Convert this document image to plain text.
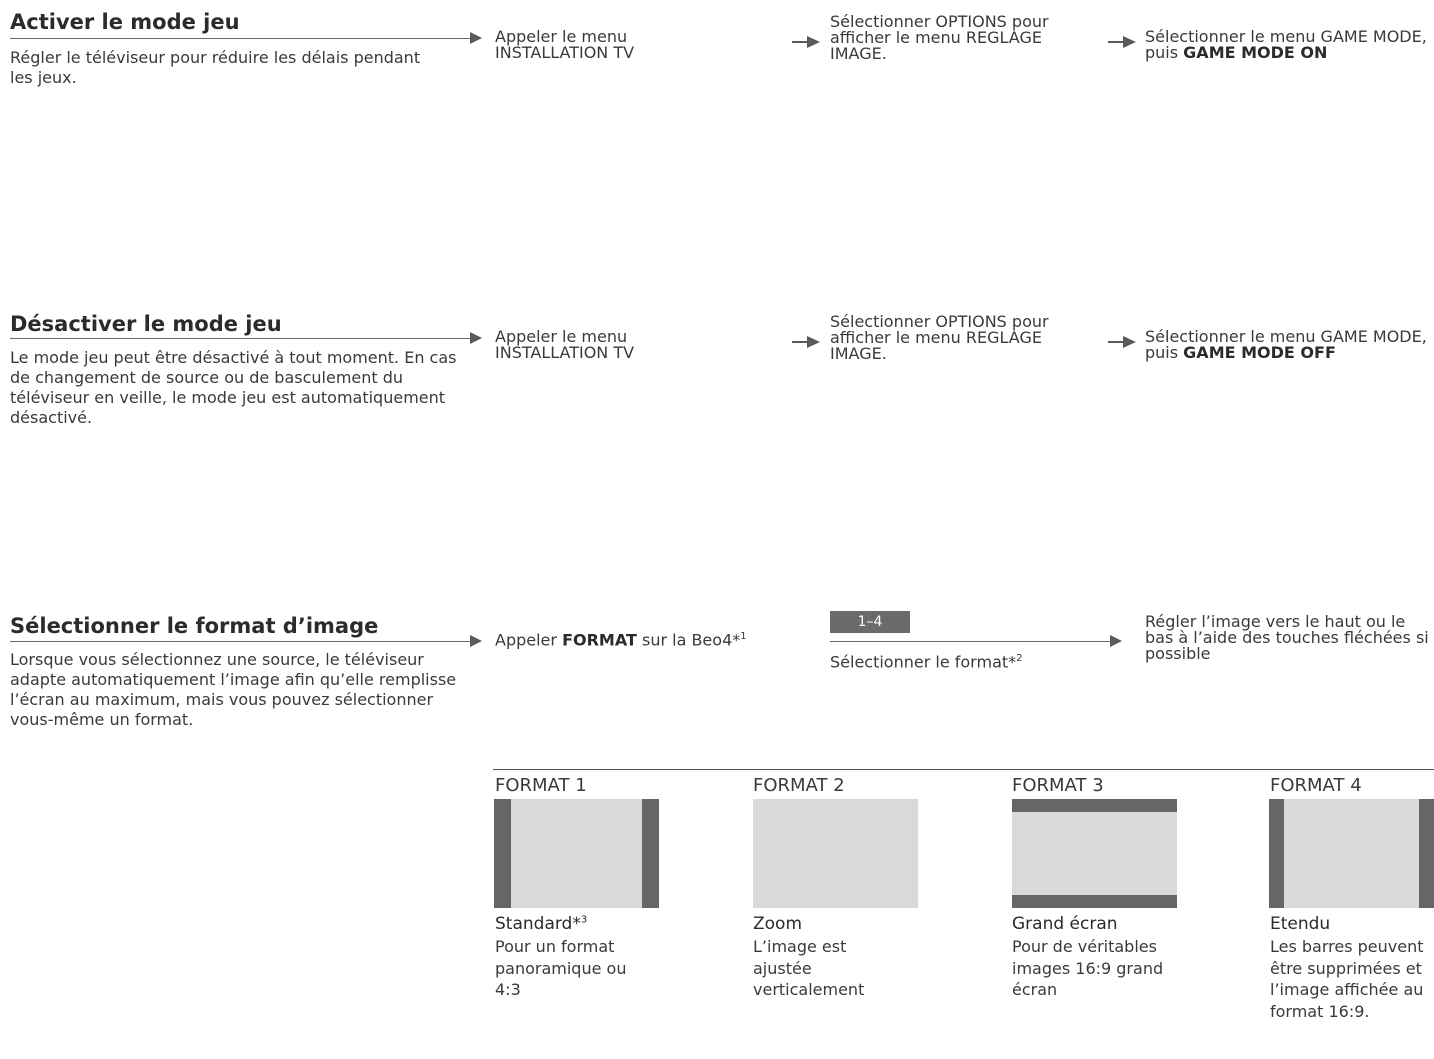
Activer le mode jeu
Régler le téléviseur pour réduire les délais pendant les jeux.
Appeler le menu INSTALLATION TV
Sélectionner OPTIONS pour afficher le menu REGLAGE IMAGE.
Sélectionner le menu GAME MODE, puis GAME MODE ON
Désactiver le mode jeu
Le mode jeu peut être désactivé à tout moment. En cas de changement de source ou de basculement du téléviseur en veille, le mode jeu est automatiquement désactivé.
Appeler le menu INSTALLATION TV
Sélectionner OPTIONS pour afficher le menu REGLAGE IMAGE.
Sélectionner le menu GAME MODE, puis GAME MODE OFF
Sélectionner le format d’image
Lorsque vous sélectionnez une source, le téléviseur adapte automatiquement l’image afin qu’elle remplisse l’écran au maximum, mais vous pouvez sélectionner vous-même un format.
Appeler FORMAT sur la Beo4*$^1$
1–4
Sélectionner le format*$^2$
Régler l’image vers le haut ou le bas à l’aide des touches fléchées si possible
FORMAT 1
Standard*$^3$
Pour un format panoramique ou 4:3
FORMAT 2
Zoom
L’image est ajustée verticalement
FORMAT 3
Grand écran
Pour de véritables images 16:9 grand écran
FORMAT 4
Etendu
Les barres peuvent être supprimées et l’image affichée au format 16:9.
